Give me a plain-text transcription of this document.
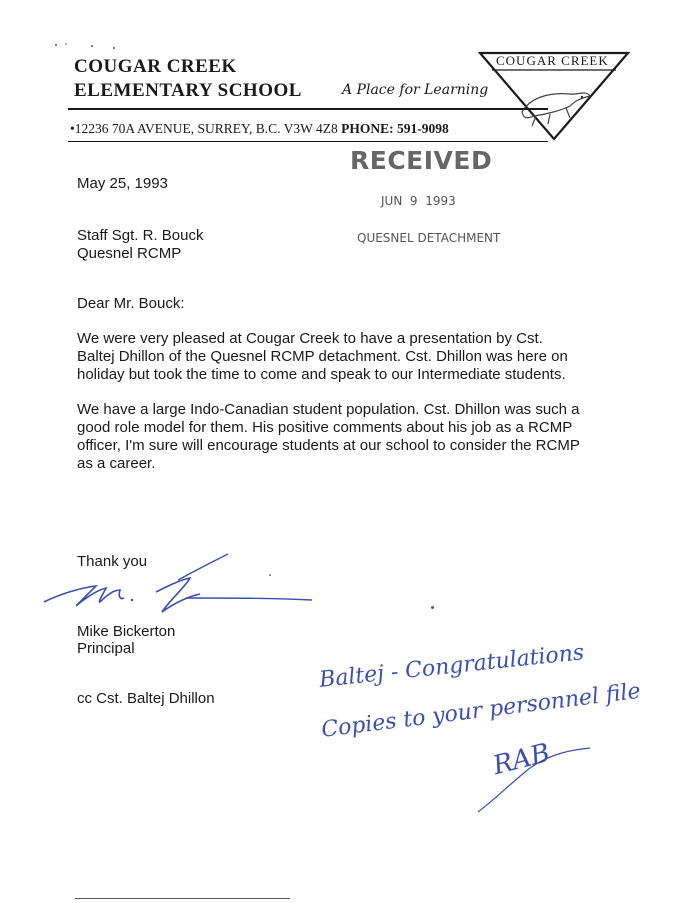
COUGAR CREEK
ELEMENTARY SCHOOL	A Place for Learning
COUGAR CREEK
•12236 70A AVENUE, SURREY, B.C. V3W 4Z8 PHONE: 591-9098
RECEIVED
JUN  9  1993
QUESNEL DETACHMENT
May 25, 1993
Staff Sgt. R. Bouck
Quesnel RCMP
Dear Mr. Bouck:
We were very pleased at Cougar Creek to have a presentation by Cst.
Baltej Dhillon of the Quesnel RCMP detachment. Cst. Dhillon was here on
holiday but took the time to come and speak to our Intermediate students.
We have a large Indo-Canadian student population. Cst. Dhillon was such a
good role model for them. His positive comments about his job as a RCMP
officer, I'm sure will encourage students at our school to consider the RCMP
as a career.
Thank you
Mike Bickerton
Principal
cc Cst. Baltej Dhillon
Baltej - Congratulations
Copies to your personnel file
RAB
